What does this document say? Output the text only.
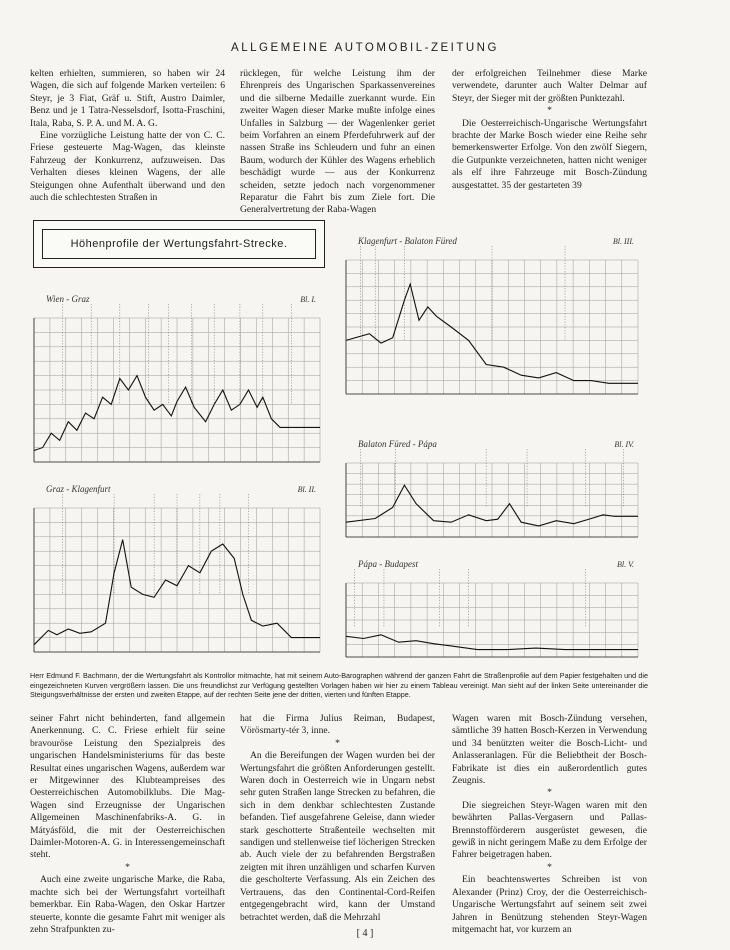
ALLGEMEINE AUTOMOBIL-ZEITUNG

kelten erhielten, summieren, so haben wir 24 Wagen, die sich auf folgende Marken verteilen: 6 Steyr, je 3 Fiat, Gräf u. Stift, Austro Daimler, Benz und je 1 Tatra-Nesselsdorf, Isotta-Fraschini, Itala, Raba, S. P. A. und M. A. G.

Eine vorzügliche Leistung hatte der von C. C. Friese gesteuerte Mag-Wagen, das kleinste Fahrzeug der Konkurrenz, aufzuweisen. Das Verhalten dieses kleinen Wagens, der alle Steigungen ohne Aufenthalt überwand und den auch die schlechtesten Straßen in

rücklegen, für welche Leistung ihm der Ehrenpreis des Ungarischen Sparkassenvereines und die silberne Medaille zuerkannt wurde. Ein zweiter Wagen dieser Marke mußte infolge eines Unfalles in Salzburg — der Wagenlenker geriet beim Vorfahren an einem Pferdefuhrwerk auf der nassen Straße ins Schleudern und fuhr an einen Baum, wodurch der Kühler des Wagens erheblich beschädigt wurde — aus der Konkurrenz scheiden, setzte jedoch nach vorgenommener Reparatur die Fahrt bis zum Ziele fort. Die Generalvertretung der Raba-Wagen

der erfolgreichen Teilnehmer diese Marke verwendete, darunter auch Walter Delmar auf Steyr, der Sieger mit der größten Punktezahl.

*

Die Oesterreichisch-Ungarische Wertungsfahrt brachte der Marke Bosch wieder eine Reihe sehr bemerkenswerter Erfolge. Von den zwölf Siegern, die Gutpunkte verzeichneten, hatten nicht weniger als elf ihre Fahrzeuge mit Bosch-Zündung ausgestattet. 35 der gestarteten 39

Wien - Graz	Bl. I.
Graz - Klagenfurt	Bl. II.
Klagenfurt - Balaton Füred	Bl. III.
Balaton Füred - Pápa	Bl. IV.
Pápa - Budapest	Bl. V.
Höhenprofile der Wertungsfahrt-Strecke.
Herr Edmund F. Bachmann, der die Wertungsfahrt als Kontrollor mitmachte, hat mit seinem Auto-Barographen während der ganzen Fahrt die Straßenprofile auf dem Papier festgehalten und die eingezeichneten Kurven vergrößern lassen. Die uns freundlichst zur Verfügung gestellten Vorlagen haben wir hier zu einem Tableau vereinigt. Man sieht auf der linken Seite untereinander die Steigungsverhältnisse der ersten und zweiten Etappe, auf der rechten Seite jene der dritten, vierten und fünften Etappe.

seiner Fahrt nicht behinderten, fand allgemein Anerkennung. C. C. Friese erhielt für seine bravouröse Leistung den Spezialpreis des ungarischen Handelsministeriums für das beste Resultat eines ungarischen Wagens, außerdem war er Mitgewinner des Klubteampreises des Oesterreichischen Automobilklubs. Die Mag-Wagen sind Erzeugnisse der Ungarischen Allgemeinen Maschinenfabriks-A. G. in Mátyásföld, die mit der Oesterreichischen Daimler-Motoren-A. G. in Interessengemeinschaft steht.

*

Auch eine zweite ungarische Marke, die Raba, machte sich bei der Wertungsfahrt vorteilhaft bemerkbar. Ein Raba-Wagen, den Oskar Hartzer steuerte, konnte die gesamte Fahrt mit weniger als zehn Strafpunkten zu-

hat die Firma Julius Reiman, Budapest, Vörösmarty-tér 3, inne.

*

An die Bereifungen der Wagen wurden bei der Wertungsfahrt die größten Anforderungen gestellt. Waren doch in Oesterreich wie in Ungarn nebst sehr guten Straßen lange Strecken zu befahren, die sich in dem denkbar schlechtesten Zustande befanden. Tief ausgefahrene Geleise, dann wieder stark geschotterte Straßenteile wechselten mit sandigen und stellenweise tief löcherigen Strecken ab. Auch viele der zu befahrenden Bergstraßen zeigten mit ihren unzähligen und scharfen Kurven die gescholterte Verfassung. Als ein Zeichen des Vertrauens, das den Continental-Cord-Reifen entgegengebracht wird, kann der Umstand betrachtet werden, daß die Mehrzahl

Wagen waren mit Bosch-Zündung versehen, sämtliche 39 hatten Bosch-Kerzen in Verwendung und 34 benützten weiter die Bosch-Licht- und Anlasseranlagen. Für die Beliebtheit der Bosch-Fabrikate ist dies ein außerordentlich gutes Zeugnis.

*

Die siegreichen Steyr-Wagen waren mit den bewährten Pallas-Vergasern und Pallas-Brennstofförderern ausgerüstet gewesen, die gewiß in nicht geringem Maße zu dem Erfolge der Fahrer beigetragen haben.

*

Ein beachtenswertes Schreiben ist von Alexander (Prinz) Croy, der die Oesterreichisch-Ungarische Wertungsfahrt auf seinem seit zwei Jahren in Benützung stehenden Steyr-Wagen mitgemacht hat, vor kurzem an

[ 4 ]
